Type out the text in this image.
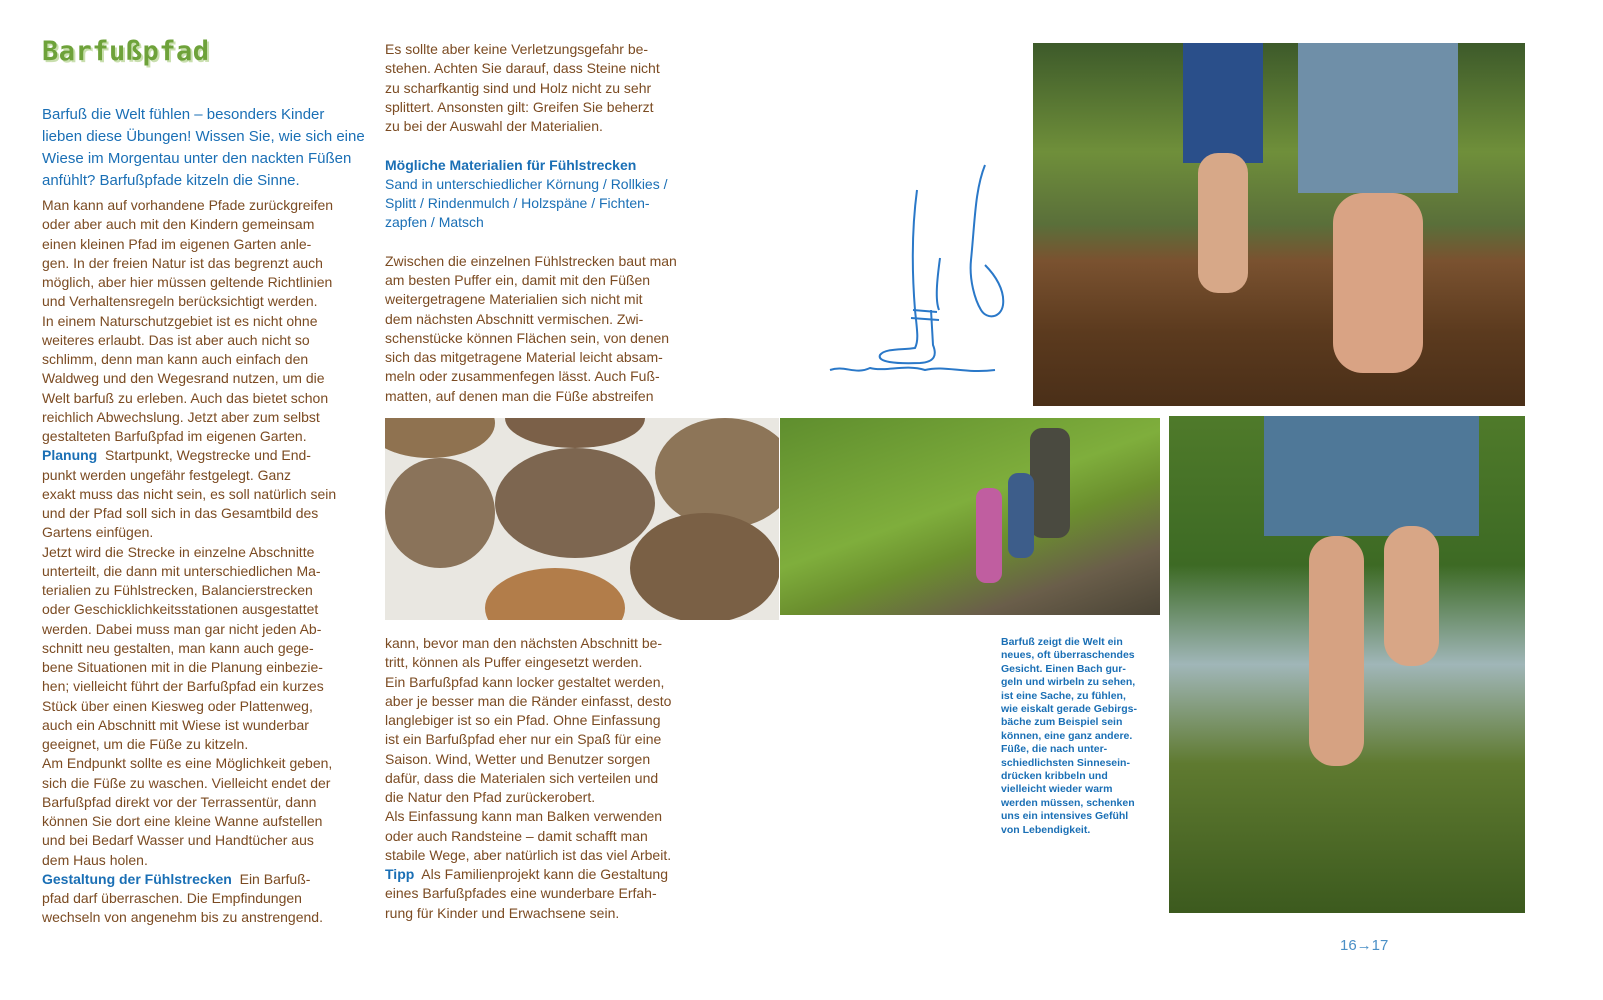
Barfußpfad
Barfuß die Welt fühlen – besonders Kinder
lieben diese Übungen! Wissen Sie, wie sich eine
Wiese im Morgentau unter den nackten Füßen
anfühlt? Barfußpfade kitzeln die Sinne.
Man kann auf vorhandene Pfade zurückgreifen
oder aber auch mit den Kindern gemeinsam
einen kleinen Pfad im eigenen Garten anle-
gen. In der freien Natur ist das begrenzt auch
möglich, aber hier müssen geltende Richtlinien
und Verhaltensregeln berücksichtigt werden.
In einem Naturschutzgebiet ist es nicht ohne
weiteres erlaubt. Das ist aber auch nicht so
schlimm, denn man kann auch einfach den
Waldweg und den Wegesrand nutzen, um die
Welt barfuß zu erleben. Auch das bietet schon
reichlich Abwechslung. Jetzt aber zum selbst
gestalteten Barfußpfad im eigenen Garten.
Planung  Startpunkt, Wegstrecke und End-
punkt werden ungefähr festgelegt. Ganz
exakt muss das nicht sein, es soll natürlich sein
und der Pfad soll sich in das Gesamtbild des
Gartens einfügen.
Jetzt wird die Strecke in einzelne Abschnitte
unterteilt, die dann mit unterschiedlichen Ma-
terialien zu Fühlstrecken, Balancierstrecken
oder Geschicklichkeitsstationen ausgestattet
werden. Dabei muss man gar nicht jeden Ab-
schnitt neu gestalten, man kann auch gege-
bene Situationen mit in die Planung einbezie-
hen; vielleicht führt der Barfußpfad ein kurzes
Stück über einen Kiesweg oder Plattenweg,
auch ein Abschnitt mit Wiese ist wunderbar
geeignet, um die Füße zu kitzeln.
Am Endpunkt sollte es eine Möglichkeit geben,
sich die Füße zu waschen. Vielleicht endet der
Barfußpfad direkt vor der Terrassentür, dann
können Sie dort eine kleine Wanne aufstellen
und bei Bedarf Wasser und Handtücher aus
dem Haus holen.
Gestaltung der Fühlstrecken  Ein Barfuß-
pfad darf überraschen. Die Empfindungen
wechseln von angenehm bis zu anstrengend.
Es sollte aber keine Verletzungsgefahr be-
stehen. Achten Sie darauf, dass Steine nicht
zu scharfkantig sind und Holz nicht zu sehr
splittert. Ansonsten gilt: Greifen Sie beherzt
zu bei der Auswahl der Materialien.

Mögliche Materialien für Fühlstrecken
Sand in unterschiedlicher Körnung / Rollkies /
Splitt / Rindenmulch / Holzspäne / Fichten-
zapfen / Matsch

Zwischen die einzelnen Fühlstrecken baut man
am besten Puffer ein, damit mit den Füßen
weitergetragene Materialien sich nicht mit
dem nächsten Abschnitt vermischen. Zwi-
schenstücke können Flächen sein, von denen
sich das mitgetragene Material leicht absam-
meln oder zusammenfegen lässt. Auch Fuß-
matten, auf denen man die Füße abstreifen
kann, bevor man den nächsten Abschnitt be-
tritt, können als Puffer eingesetzt werden.
Ein Barfußpfad kann locker gestaltet werden,
aber je besser man die Ränder einfasst, desto
langlebiger ist so ein Pfad. Ohne Einfassung
ist ein Barfußpfad eher nur ein Spaß für eine
Saison. Wind, Wetter und Benutzer sorgen
dafür, dass die Materialen sich verteilen und
die Natur den Pfad zurückerobert.
Als Einfassung kann man Balken verwenden
oder auch Randsteine – damit schafft man
stabile Wege, aber natürlich ist das viel Arbeit.
Tipp  Als Familienprojekt kann die Gestaltung
eines Barfußpfades eine wunderbare Erfah-
rung für Kinder und Erwachsene sein.
Barfuß zeigt die Welt ein
neues, oft überraschendes
Gesicht. Einen Bach gur-
geln und wirbeln zu sehen,
ist eine Sache, zu fühlen,
wie eiskalt gerade Gebirgs-
bäche zum Beispiel sein
können, eine ganz andere.
Füße, die nach unter-
schiedlichsten Sinnesein-
drücken kribbeln und
vielleicht wieder warm
werden müssen, schenken
uns ein intensives Gefühl
von Lebendigkeit.
16→17
